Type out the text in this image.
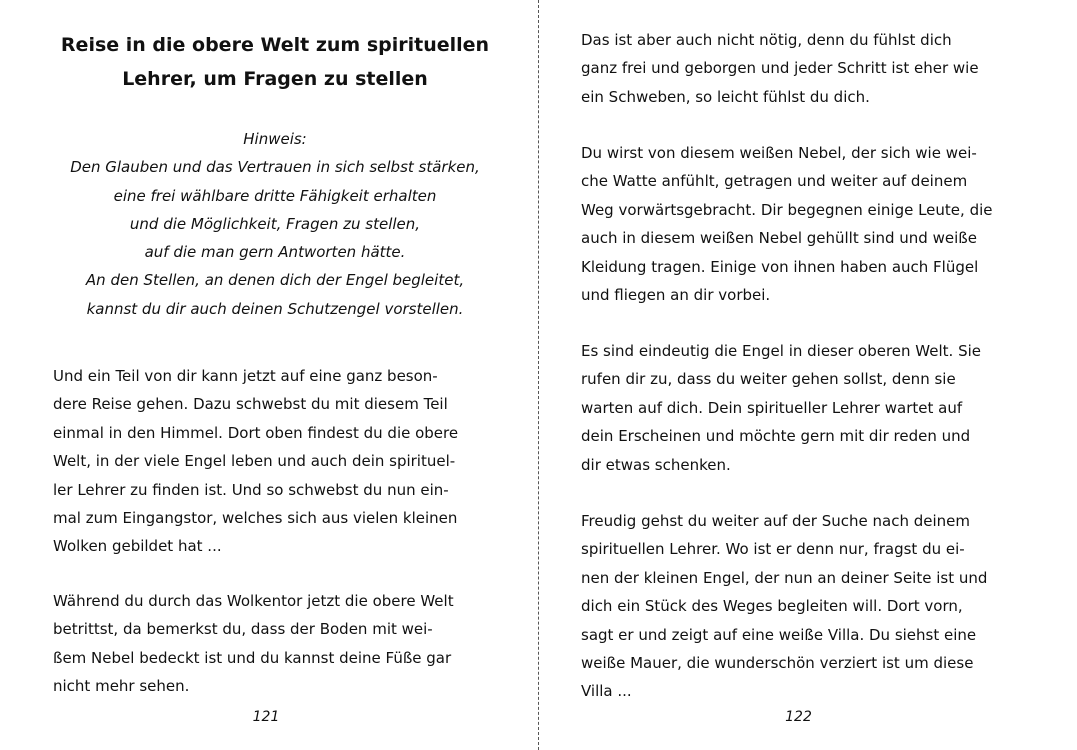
Reise in die obere Welt zum spirituellen
Lehrer, um Fragen zu stellen
Hinweis:
Den Glauben und das Vertrauen in sich selbst stärken,
eine frei wählbare dritte Fähigkeit erhalten
und die Möglichkeit, Fragen zu stellen,
auf die man gern Antworten hätte.
An den Stellen, an denen dich der Engel begleitet,
kannst du dir auch deinen Schutzengel vorstellen.
Und ein Teil von dir kann jetzt auf eine ganz beson-
dere Reise gehen. Dazu schwebst du mit diesem Teil
einmal in den Himmel. Dort oben findest du die obere
Welt, in der viele Engel leben und auch dein spirituel-
ler Lehrer zu finden ist. Und so schwebst du nun ein-
mal zum Eingangstor, welches sich aus vielen kleinen
Wolken gebildet hat ...
Während du durch das Wolkentor jetzt die obere Welt
betrittst, da bemerkst du, dass der Boden mit wei-
ßem Nebel bedeckt ist und du kannst deine Füße gar
nicht mehr sehen.
121
Das ist aber auch nicht nötig, denn du fühlst dich
ganz frei und geborgen und jeder Schritt ist eher wie
ein Schweben, so leicht fühlst du dich.
Du wirst von diesem weißen Nebel, der sich wie wei-
che Watte anfühlt, getragen und weiter auf deinem
Weg vorwärtsgebracht. Dir begegnen einige Leute, die
auch in diesem weißen Nebel gehüllt sind und weiße
Kleidung tragen. Einige von ihnen haben auch Flügel
und fliegen an dir vorbei.
Es sind eindeutig die Engel in dieser oberen Welt. Sie
rufen dir zu, dass du weiter gehen sollst, denn sie
warten auf dich. Dein spiritueller Lehrer wartet auf
dein Erscheinen und möchte gern mit dir reden und
dir etwas schenken.
Freudig gehst du weiter auf der Suche nach deinem
spirituellen Lehrer. Wo ist er denn nur, fragst du ei-
nen der kleinen Engel, der nun an deiner Seite ist und
dich ein Stück des Weges begleiten will. Dort vorn,
sagt er und zeigt auf eine weiße Villa. Du siehst eine
weiße Mauer, die wunderschön verziert ist um diese
Villa ...
122
